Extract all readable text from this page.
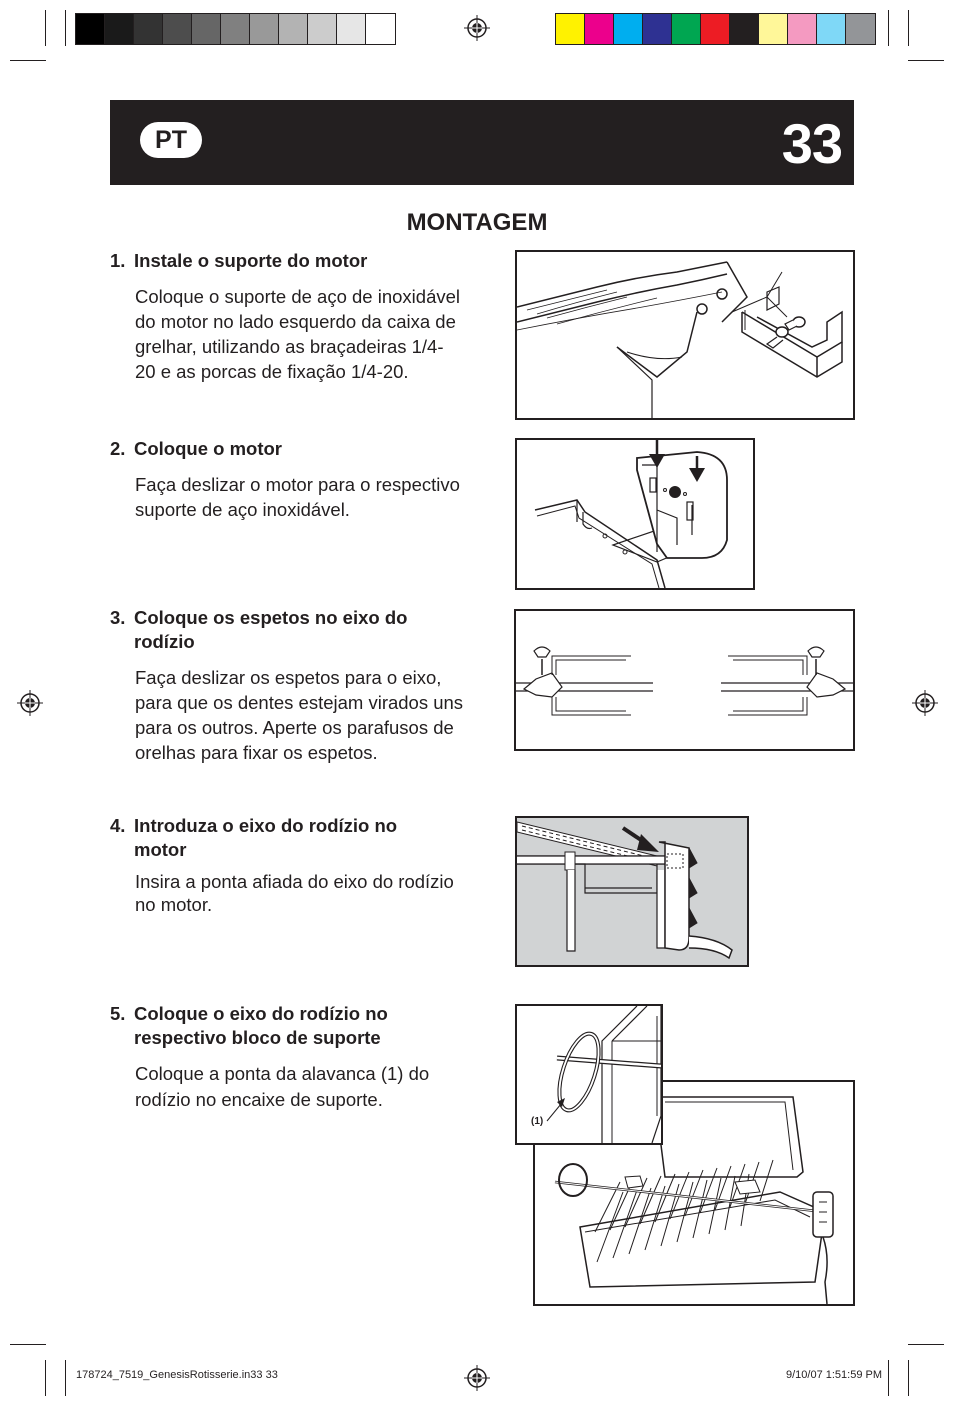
PT	33
MONTAGEM
1. Instale o suporte do motor
Coloque o suporte de aço de inoxidável
do motor no lado esquerdo da caixa de
grelhar, utilizando as braçadeiras 1/4-
20 e as porcas de fixação 1/4-20.
2. Coloque o motor
Faça deslizar o motor para o respectivo
suporte de aço inoxidável.
3. Coloque os espetos no eixo do
rodízio
Faça deslizar os espetos para o eixo,
para que os dentes estejam virados uns
para os outros. Aperte os parafusos de
orelhas para fixar os espetos.
4. Introduza o eixo do rodízio no
motor
Insira a ponta afiada do eixo do rodízio
no motor.
5. Coloque o eixo do rodízio no
respectivo bloco de suporte
Coloque a ponta da alavanca (1) do
rodízio no encaixe de suporte.
(1)
178724_7519_GenesisRotisserie.in33 33	9/10/07 1:51:59 PM
